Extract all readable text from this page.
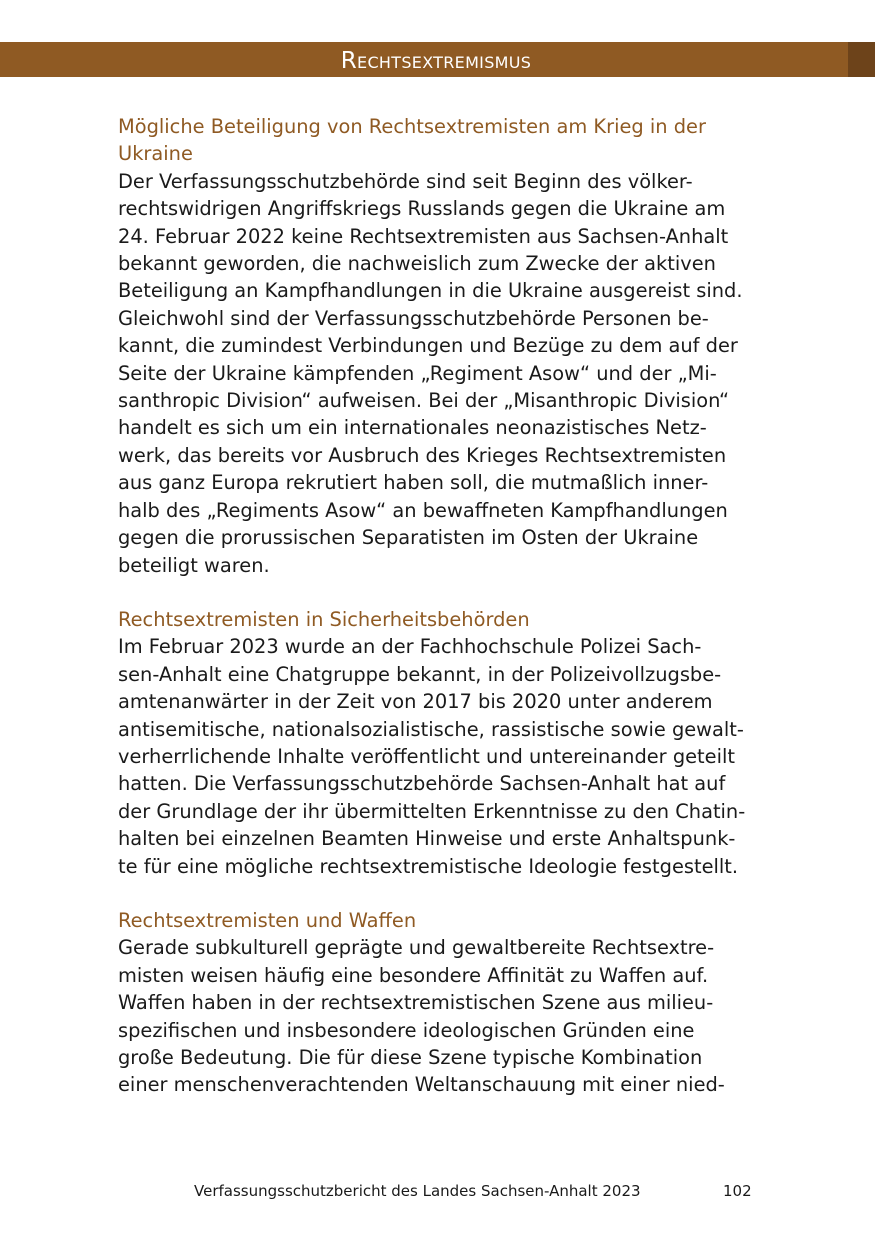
Rechtsextremismus
Mögliche Beteiligung von Rechtsextremisten am Krieg in der
Ukraine
Der Verfassungsschutzbehörde sind seit Beginn des völker-
rechtswidrigen Angriffskriegs Russlands gegen die Ukraine am
24. Februar 2022 keine Rechtsextremisten aus Sachsen-Anhalt
bekannt geworden, die nachweislich zum Zwecke der aktiven
Beteiligung an Kampfhandlungen in die Ukraine ausgereist sind.
Gleichwohl sind der Verfassungsschutzbehörde Personen be-
kannt, die zumindest Verbindungen und Bezüge zu dem auf der
Seite der Ukraine kämpfenden „Regiment Asow“ und der „Mi-
santhropic Division“ aufweisen. Bei der „Misanthropic Division“
handelt es sich um ein internationales neonazistisches Netz-
werk, das bereits vor Ausbruch des Krieges Rechtsextremisten
aus ganz Europa rekrutiert haben soll, die mutmaßlich inner-
halb des „Regiments Asow“ an bewaffneten Kampfhandlungen
gegen die prorussischen Separatisten im Osten der Ukraine
beteiligt waren.
Rechtsextremisten in Sicherheitsbehörden
Im Februar 2023 wurde an der Fachhochschule Polizei Sach-
sen-Anhalt eine Chatgruppe bekannt, in der Polizeivollzugsbe-
amtenanwärter in der Zeit von 2017 bis 2020 unter anderem
antisemitische, nationalsozialistische, rassistische sowie gewalt-
verherrlichende Inhalte veröffentlicht und untereinander geteilt
hatten. Die Verfassungsschutzbehörde Sachsen-Anhalt hat auf
der Grundlage der ihr übermittelten Erkenntnisse zu den Chatin-
halten bei einzelnen Beamten Hinweise und erste Anhaltspunk-
te für eine mögliche rechtsextremistische Ideologie festgestellt.
Rechtsextremisten und Waffen
Gerade subkulturell geprägte und gewaltbereite Rechtsextre-
misten weisen häufig eine besondere Affinität zu Waffen auf.
Waffen haben in der rechtsextremistischen Szene aus milieu-
spezifischen und insbesondere ideologischen Gründen eine
große Bedeutung. Die für diese Szene typische Kombination
einer menschenverachtenden Weltanschauung mit einer nied-
Verfassungsschutzbericht des Landes Sachsen-Anhalt 2023	102
